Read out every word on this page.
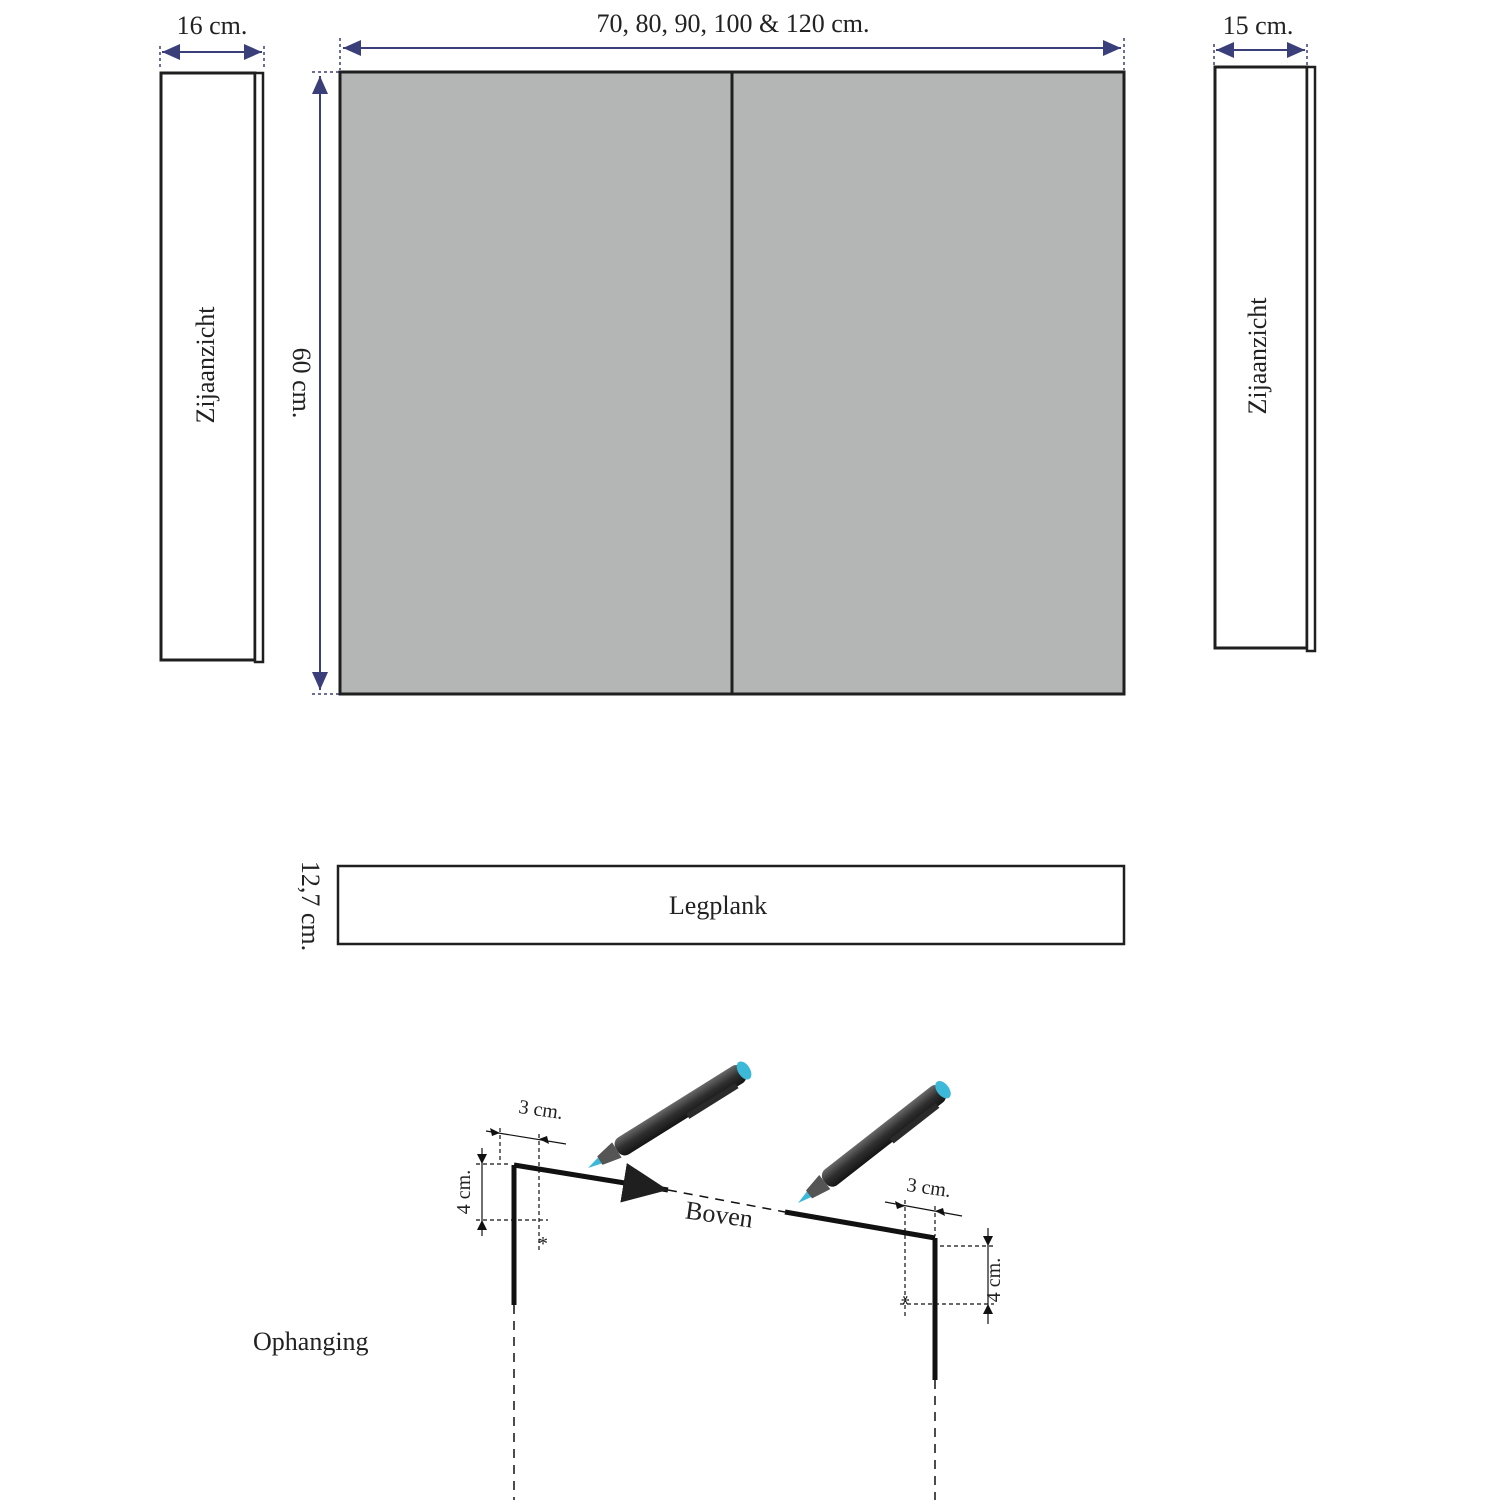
16 cm.
Zijaanzicht
70, 80, 90, 100 & 120 cm.
60 cm.
15 cm.
Zijaanzicht
12,7 cm.	Legplank
Ophanging
Boven
3 cm.
4 cm.
*
3 cm.
4 cm.
*
